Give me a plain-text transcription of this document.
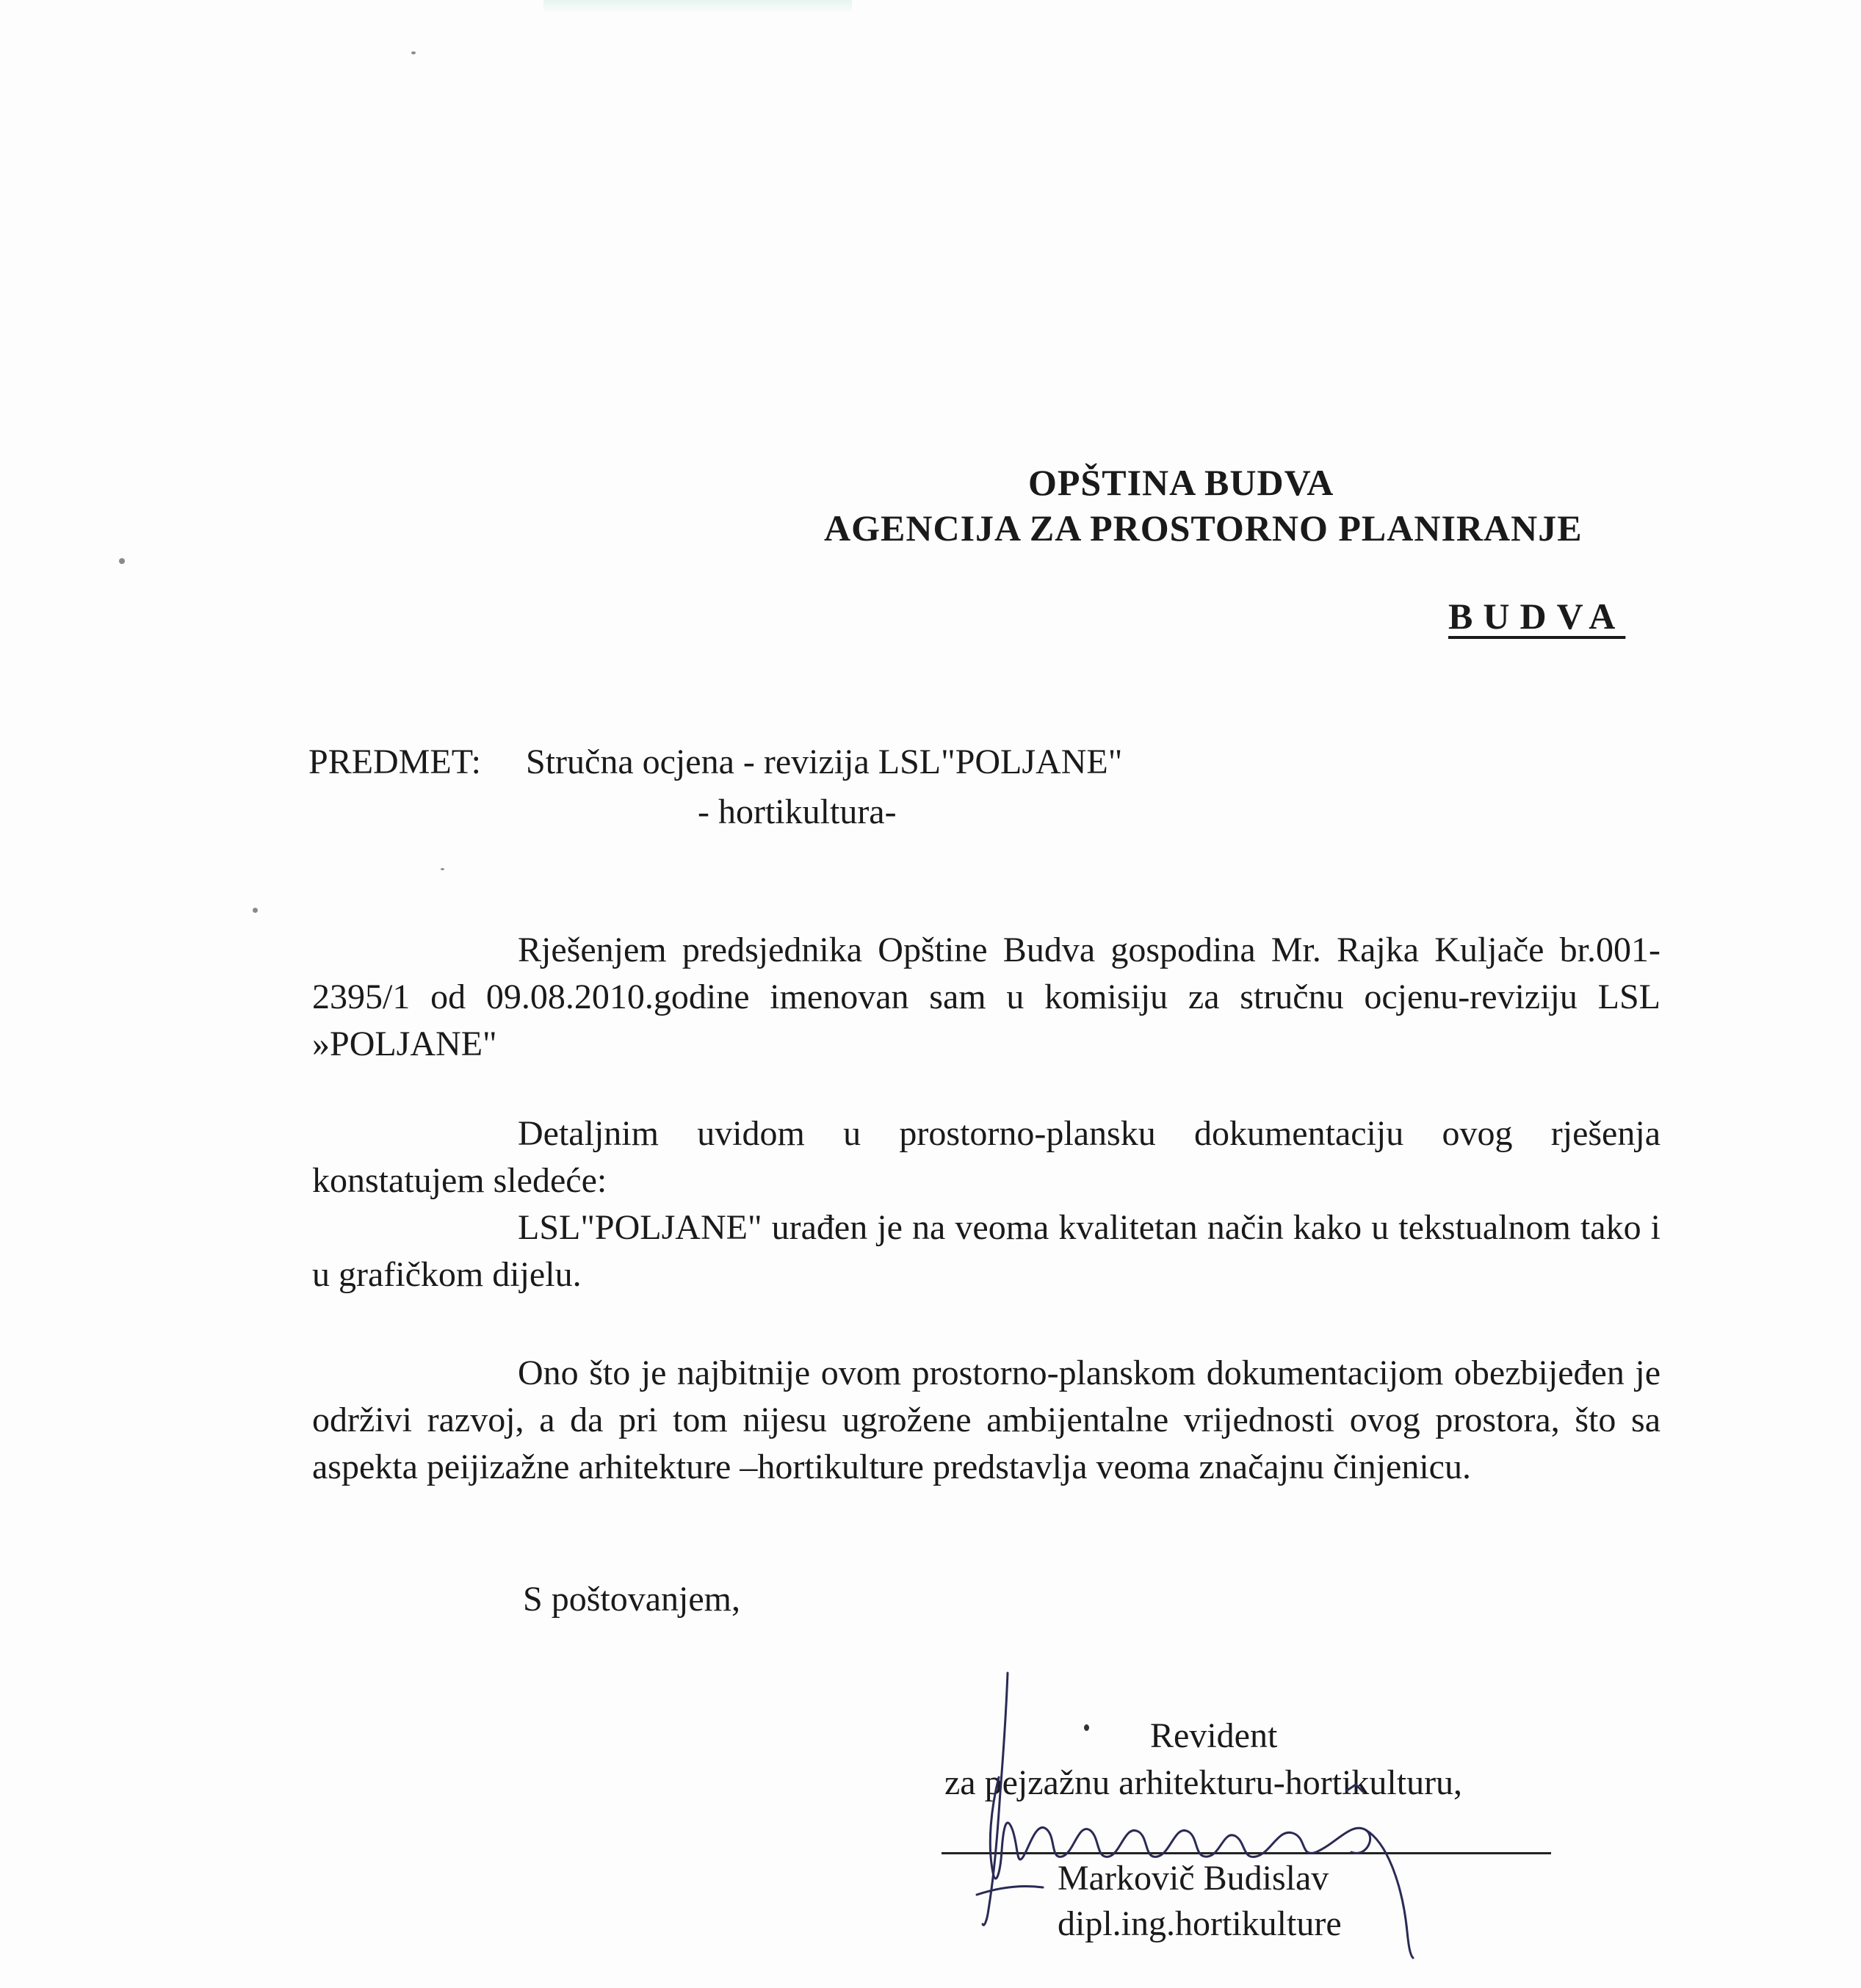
OPŠTINA BUDVA
AGENCIJA ZA PROSTORNO PLANIRANJE
BUDVA
PREDMET: Stručna ocjena - revizija LSL"POLJANE"
- hortikultura-
Rješenjem predsjednika Opštine Budva gospodina Mr. Rajka Kuljače br.001-2395/1 od 09.08.2010.godine imenovan sam u komisiju za stručnu ocjenu-reviziju LSL »POLJANE"
Detaljnim uvidom u prostorno-plansku dokumentaciju ovog rješenja konstatujem sledeće:
LSL"POLJANE" urađen je na veoma kvalitetan način kako u tekstualnom tako i u grafičkom dijelu.
Ono što je najbitnije ovom prostorno-planskom dokumentacijom obezbijeđen je održivi razvoj, a da pri tom nijesu ugrožene ambijentalne vrijednosti ovog prostora, što sa aspekta peijizažne arhitekture –hortikulture predstavlja veoma značajnu činjenicu.
S poštovanjem,
Revident
za pejzažnu arhitekturu-hortikulturu,
Markovič Budislav
dipl.ing.hortikulture
